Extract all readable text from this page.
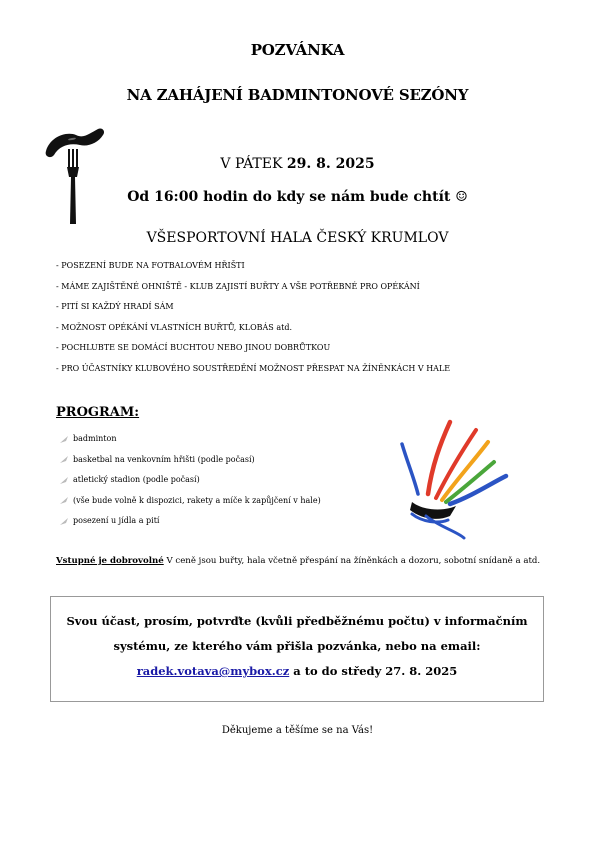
POZVÁNKA
NA ZAHÁJENÍ BADMINTONOVÉ SEZÓNY
V PÁTEK 29. 8. 2025
Od 16:00 hodin do kdy se nám bude chtít ☺
VŠESPORTOVNÍ HALA ČESKÝ KRUMLOV
- POSEZENÍ BUDE NA FOTBALOVÉM HŘIŠTI
- MÁME ZAJIŠTĚNÉ OHNIŠTĚ - KLUB ZAJISTÍ BUŘTY A VŠE POTŘEBNÉ PRO OPÉKÁNÍ
- PITÍ SI KAŽDÝ HRADÍ SÁM
- MOŽNOST OPÉKÁNÍ VLASTNÍCH BUŘTŮ, KLOBÁS atd.
- POCHLUBTE SE DOMÁCÍ BUCHTOU NEBO JINOU DOBRŮTKOU
- PRO ÚČASTNÍKY KLUBOVÉHO SOUSTŘEDĚNÍ MOŽNOST PŘESPAT NA ŽÍNĚNKÁCH V HALE
PROGRAM:
badminton
basketbal na venkovním hřišti (podle počasí)
atletický stadion (podle počasí)
(vše bude volně k dispozici, rakety a míče k zapůjčení v hale)
posezení u jídla a pití
Vstupné je dobrovolné V ceně jsou buřty, hala včetně přespání na žíněnkách a dozoru, sobotní snídaně a atd.
Svou účast, prosím, potvrďte (kvůli předběžnému počtu) v informačním systému, ze kterého vám přišla pozvánka, nebo na email: radek.votava@mybox.cz a to do středy 27. 8. 2025
Děkujeme a těšíme se na Vás!
